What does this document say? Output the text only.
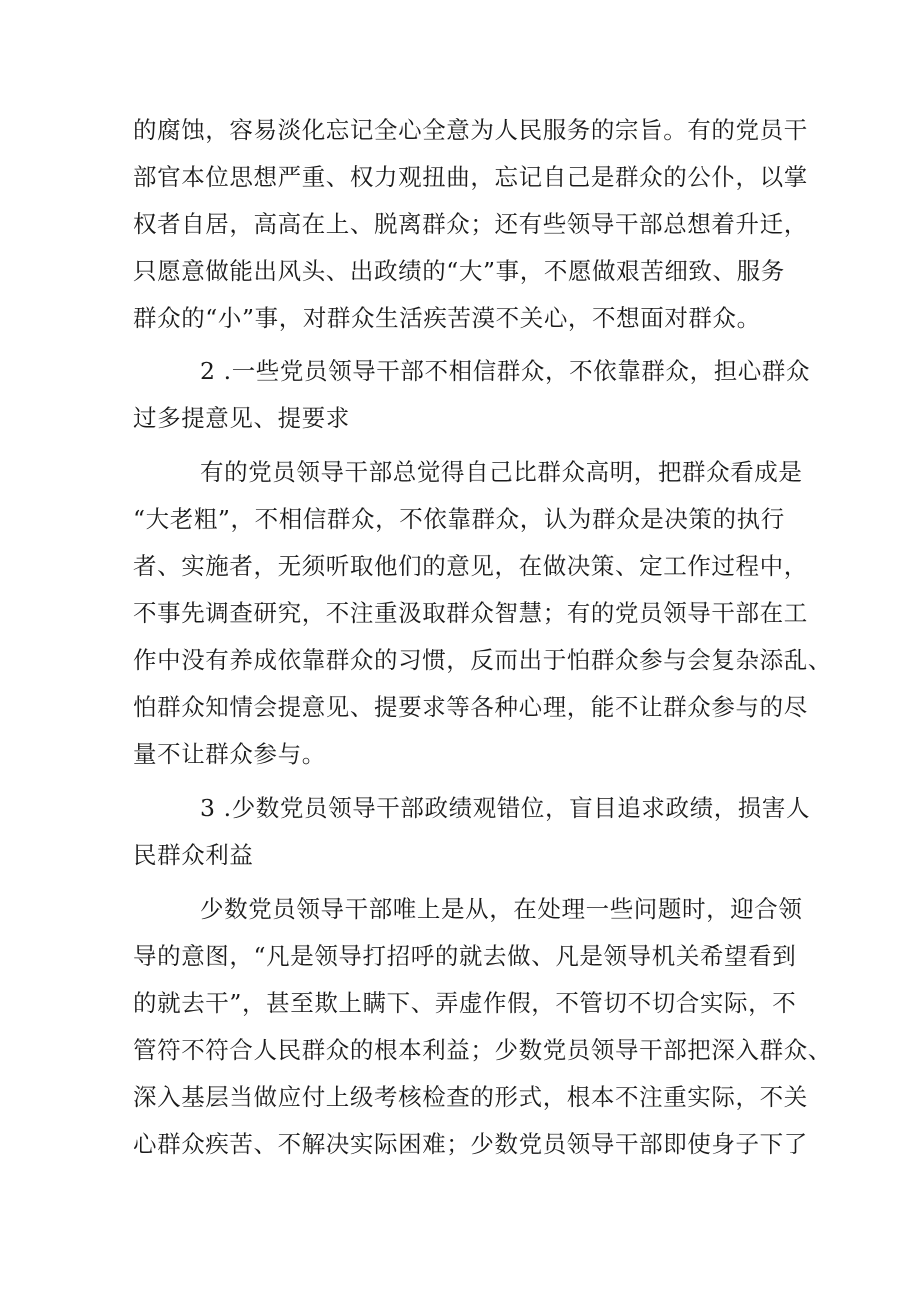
的腐蚀，容易淡化忘记全心全意为人民服务的宗旨。有的党员干
部官本位思想严重、权力观扭曲，忘记自己是群众的公仆，以掌
权者自居，高高在上、脱离群众；还有些领导干部总想着升迁，
只愿意做能出风头、出政绩的“大”事，不愿做艰苦细致、服务
群众的“小”事，对群众生活疾苦漠不关心，不想面对群众。
2 .一些党员领导干部不相信群众，不依靠群众，担心群众
过多提意见、提要求
有的党员领导干部总觉得自己比群众高明，把群众看成是
“大老粗”，不相信群众，不依靠群众，认为群众是决策的执行
者、实施者，无须听取他们的意见，在做决策、定工作过程中，
不事先调查研究，不注重汲取群众智慧；有的党员领导干部在工
作中没有养成依靠群众的习惯，反而出于怕群众参与会复杂添乱、
怕群众知情会提意见、提要求等各种心理，能不让群众参与的尽
量不让群众参与。
3 .少数党员领导干部政绩观错位，盲目追求政绩，损害人
民群众利益
少数党员领导干部唯上是从，在处理一些问题时，迎合领
导的意图，“凡是领导打招呼的就去做、凡是领导机关希望看到
的就去干”，甚至欺上瞒下、弄虚作假，不管切不切合实际，不
管符不符合人民群众的根本利益；少数党员领导干部把深入群众、
深入基层当做应付上级考核检查的形式，根本不注重实际，不关
心群众疾苦、不解决实际困难；少数党员领导干部即使身子下了
